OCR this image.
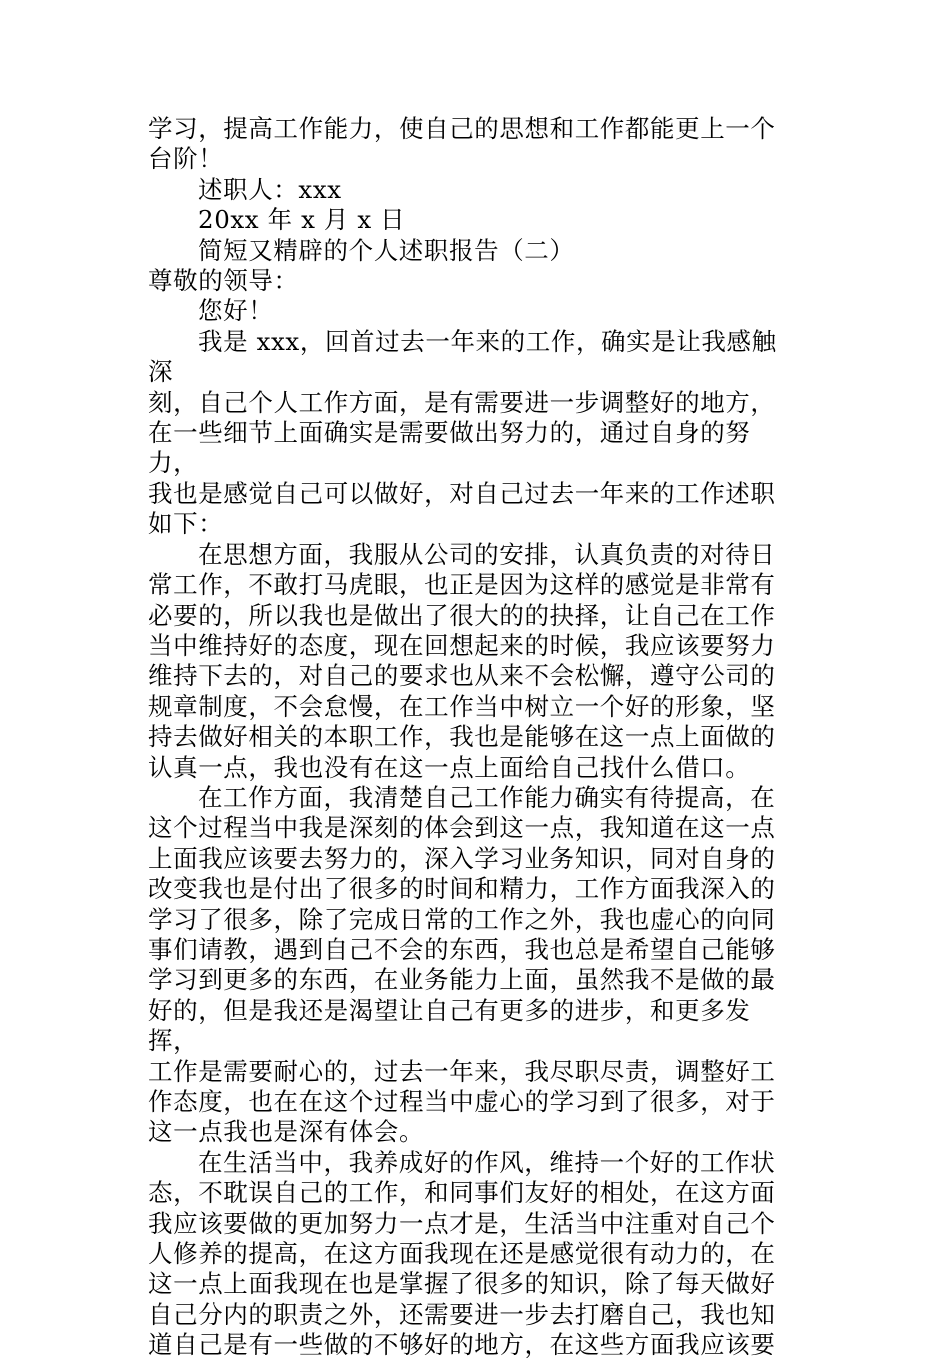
学习，提高工作能力，使自己的思想和工作都能更上一个

台阶！

述职人：xxx

20xx 年 x 月 x 日

简短又精辟的个人述职报告（二）

尊敬的领导：

您好！

我是 xxx，回首过去一年来的工作，确实是让我感触深

刻，自己个人工作方面，是有需要进一步调整好的地方，

在一些细节上面确实是需要做出努力的，通过自身的努力，

我也是感觉自己可以做好，对自己过去一年来的工作述职

如下：

在思想方面，我服从公司的安排，认真负责的对待日

常工作，不敢打马虎眼，也正是因为这样的感觉是非常有

必要的，所以我也是做出了很大的的抉择，让自己在工作

当中维持好的态度，现在回想起来的时候，我应该要努力

维持下去的，对自己的要求也从来不会松懈，遵守公司的

规章制度，不会怠慢，在工作当中树立一个好的形象，坚

持去做好相关的本职工作，我也是能够在这一点上面做的

认真一点，我也没有在这一点上面给自己找什么借口。

在工作方面，我清楚自己工作能力确实有待提高，在

这个过程当中我是深刻的体会到这一点，我知道在这一点

上面我应该要去努力的，深入学习业务知识，同对自身的

改变我也是付出了很多的时间和精力，工作方面我深入的

学习了很多，除了完成日常的工作之外，我也虚心的向同

事们请教，遇到自己不会的东西，我也总是希望自己能够

学习到更多的东西，在业务能力上面，虽然我不是做的最

好的，但是我还是渴望让自己有更多的进步，和更多发挥，

工作是需要耐心的，过去一年来，我尽职尽责，调整好工

作态度，也在在这个过程当中虚心的学习到了很多，对于

这一点我也是深有体会。

在生活当中，我养成好的作风，维持一个好的工作状

态，不耽误自己的工作，和同事们友好的相处，在这方面

我应该要做的更加努力一点才是，生活当中注重对自己个

人修养的提高，在这方面我现在还是感觉很有动力的，在

这一点上面我现在也是掌握了很多的知识，除了每天做好

自己分内的职责之外，还需要进一步去打磨自己，我也知

道自己是有一些做的不够好的地方，在这些方面我应该要
